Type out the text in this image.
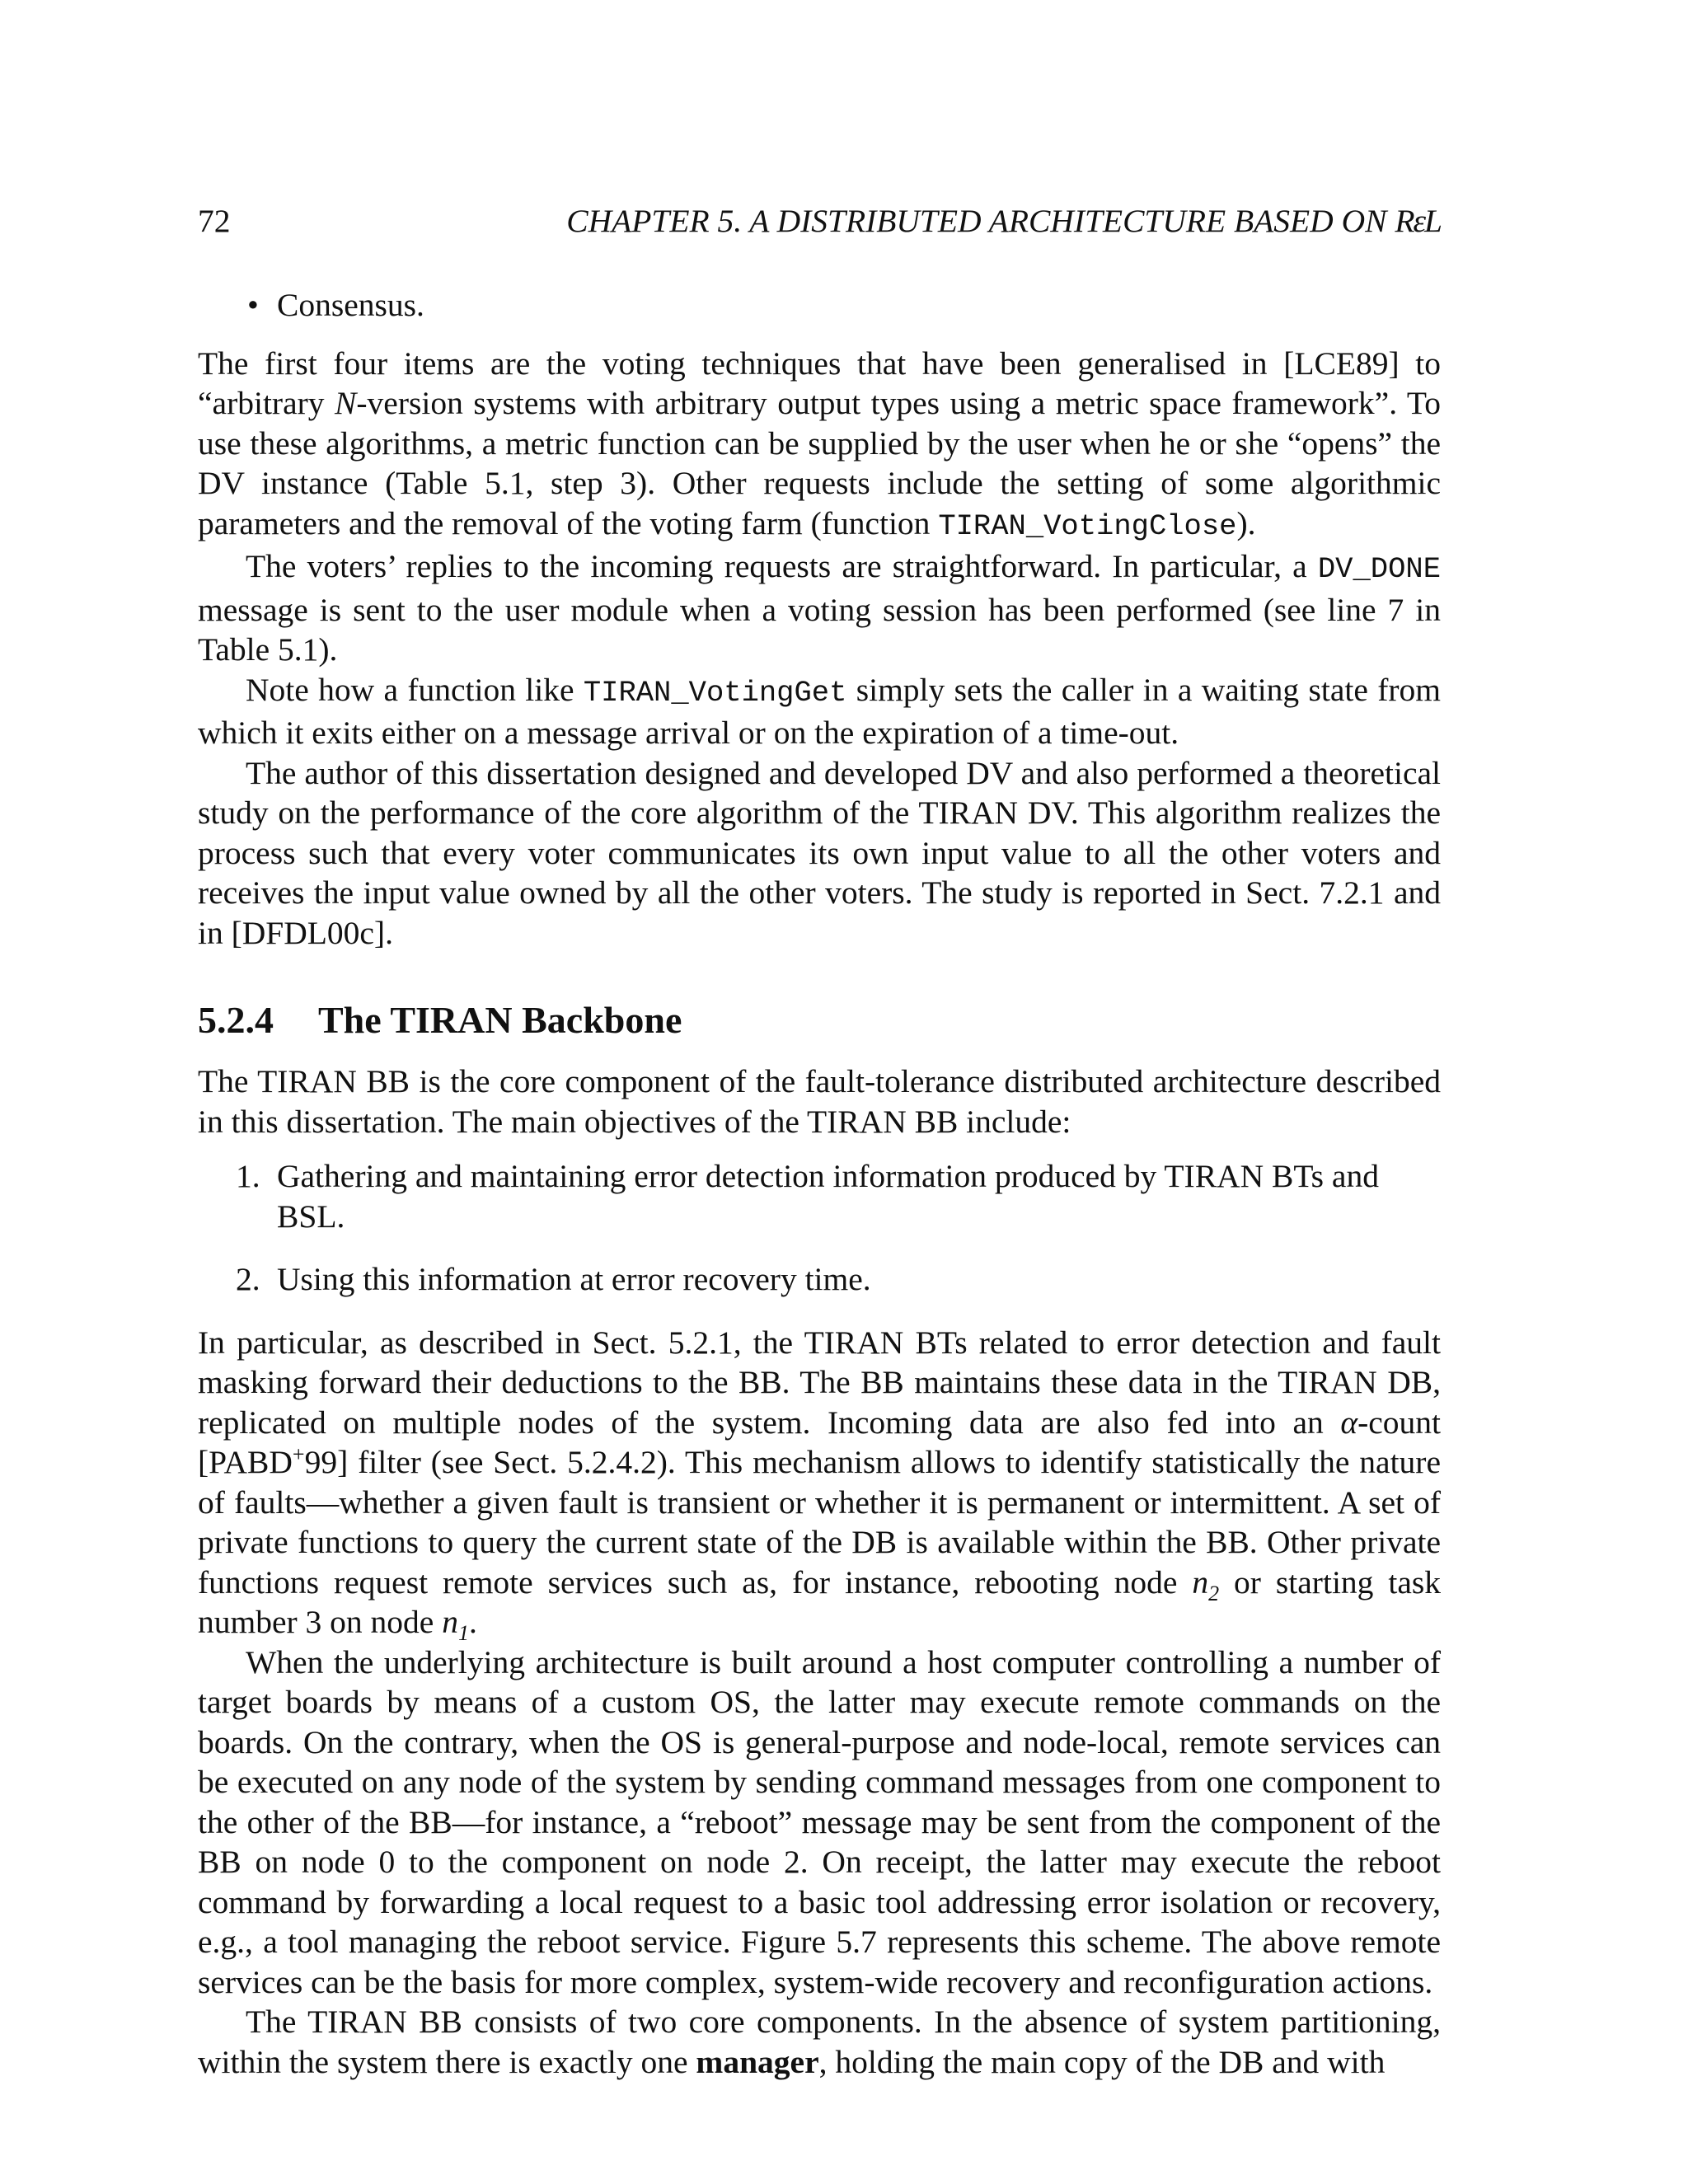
72	CHAPTER 5. A DISTRIBUTED ARCHITECTURE BASED ON RεL
• Consensus.

The first four items are the voting techniques that have been generalised in [LCE89] to “arbitrary N-version systems with arbitrary output types using a metric space framework”. To use these algorithms, a metric function can be supplied by the user when he or she “opens” the DV instance (Table 5.1, step 3). Other requests include the setting of some algorithmic parameters and the removal of the voting farm (function TIRAN_VotingClose).

The voters’ replies to the incoming requests are straightforward. In particular, a DV_DONE message is sent to the user module when a voting session has been performed (see line 7 in Table 5.1).

Note how a function like TIRAN_VotingGet simply sets the caller in a waiting state from which it exits either on a message arrival or on the expiration of a time-out.

The author of this dissertation designed and developed DV and also performed a theoretical study on the performance of the core algorithm of the TIRAN DV. This algorithm realizes the process such that every voter communicates its own input value to all the other voters and receives the input value owned by all the other voters. The study is reported in Sect. 7.2.1 and in [DFDL00c].

5.2.4 The TIRAN Backbone

The TIRAN BB is the core component of the fault-tolerance distributed architecture described in this dissertation. The main objectives of the TIRAN BB include:

1. Gathering and maintaining error detection information produced by TIRAN BTs and BSL.
2. Using this information at error recovery time.

In particular, as described in Sect. 5.2.1, the TIRAN BTs related to error detection and fault masking forward their deductions to the BB. The BB maintains these data in the TIRAN DB, replicated on multiple nodes of the system. Incoming data are also fed into an α-count [PABD+99] filter (see Sect. 5.2.4.2). This mechanism allows to identify statistically the nature of faults—whether a given fault is transient or whether it is permanent or intermittent. A set of private functions to query the current state of the DB is available within the BB. Other private functions request remote services such as, for instance, rebooting node $n_2$ or starting task number 3 on node $n_1$.

When the underlying architecture is built around a host computer controlling a number of target boards by means of a custom OS, the latter may execute remote commands on the boards. On the contrary, when the OS is general-purpose and node-local, remote services can be executed on any node of the system by sending command messages from one component to the other of the BB—for instance, a “reboot” message may be sent from the component of the BB on node 0 to the component on node 2. On receipt, the latter may execute the reboot command by forwarding a local request to a basic tool addressing error isolation or recovery, e.g., a tool managing the reboot service. Figure 5.7 represents this scheme. The above remote services can be the basis for more complex, system-wide recovery and reconfiguration actions.

The TIRAN BB consists of two core components. In the absence of system partitioning, within the system there is exactly one manager, holding the main copy of the DB and with
